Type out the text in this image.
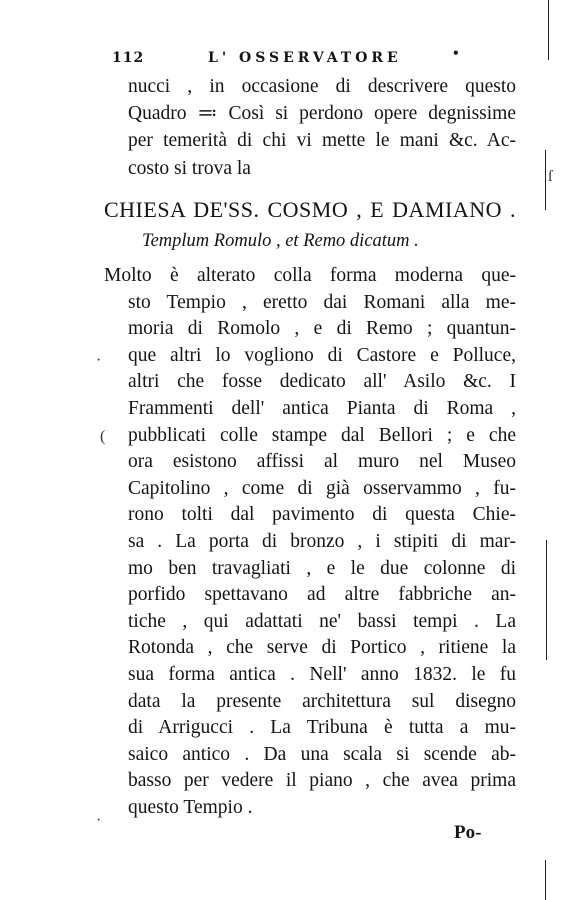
112	L' OSSERVATORE	•
nucci , in occasione di descrivere questo
Quadro ≕ Così si perdono opere degnissime
per temerità di chi vi mette le mani &c. Ac-
costo si trova la
CHIESA DE'SS. COSMO , E DAMIANO .
Templum Romulo , et Remo dicatum .
Molto è alterato colla forma moderna que-
sto Tempio , eretto dai Romani alla me-
moria di Romolo , e di Remo ; quantun-
que altri lo vogliono di Castore e Polluce,
altri che fosse dedicato all' Asilo &c. I
Frammenti dell' antica Pianta di Roma ,
pubblicati colle stampe dal Bellori ; e che
ora esistono affissi al muro nel Museo
Capitolino , come di già osservammo , fu-
rono tolti dal pavimento di questa Chie-
sa . La porta di bronzo , i stipiti di mar-
mo ben travagliati , e le due colonne di
porfido spettavano ad altre fabbriche an-
tiche , qui adattati ne' bassi tempi . La
Rotonda , che serve di Portico , ritiene la
sua forma antica . Nell' anno 1832. le fu
data la presente architettura sul disegno
di Arrigucci . La Tribuna è tutta a mu-
saico antico . Da una scala si scende ab-
basso per vedere il piano , che avea prima
questo Tempio .
Po-
ſ
·
(
·
